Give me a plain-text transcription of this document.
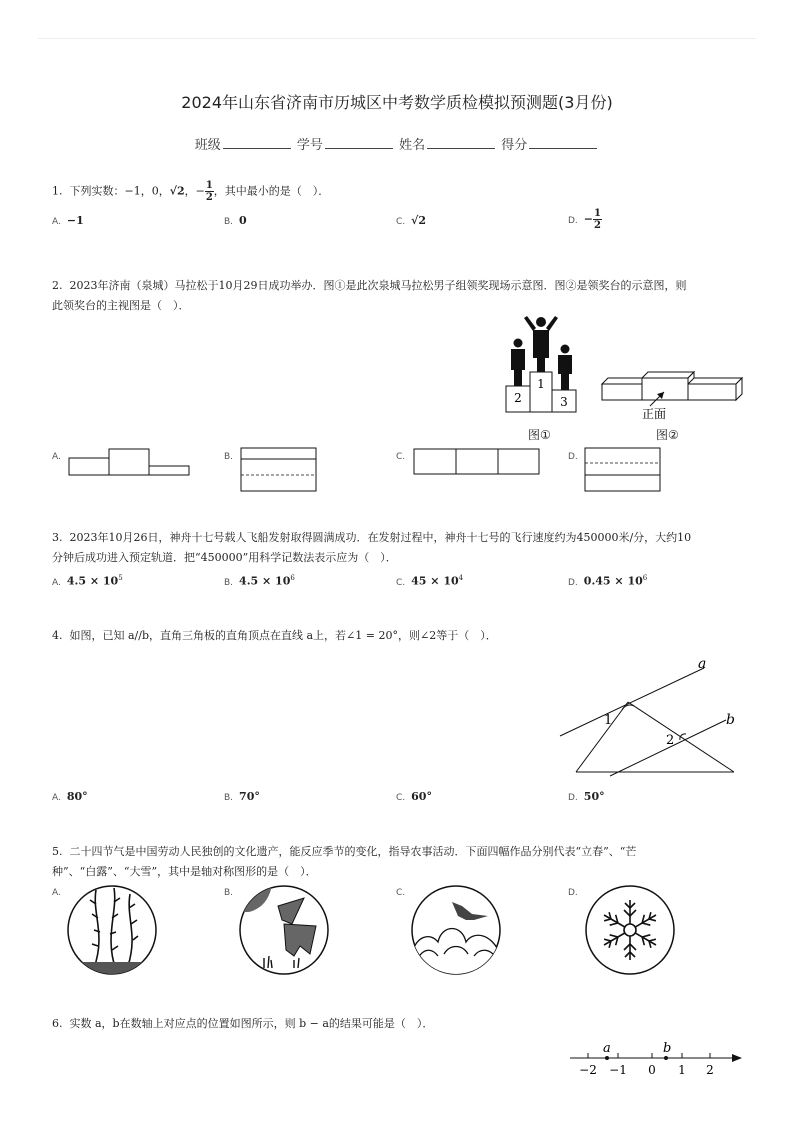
2024年山东省济南市历城区中考数学质检模拟预测题(3月份)
班级	学号	姓名	得分
1. 下列实数：−1，0，√2，− $\frac{1}{2}$ ，其中最小的是（　）．
A. −1	B. 0	C. √2	D. − $\frac{1}{2}$
2. 2023年济南（泉城）马拉松于10月29日成功举办．图①是此次泉城马拉松男子组领奖现场示意图．图②是领奖台的示意图，则
此领奖台的主视图是（　）．
1
2	3
正面
图①	图②
A.	B.	C.	D.
3. 2023年10月26日，神舟十七号载人飞船发射取得圆满成功．在发射过程中，神舟十七号的飞行速度约为450000米/分，大约10
分钟后成功进入预定轨道．把“450000”用科学记数法表示应为（　）．
A. $4.5 \times 10^5$	B. $4.5 \times 10^6$	C. $45 \times 10^4$	D. $0.45 \times 10^6$
4. 如图，已知 a//b，直角三角板的直角顶点在直线 a上，若∠1 = 20°，则∠2等于（　）．
a
b
1
2
A. 80°	B. 70°	C. 60°	D. 50°
5. 二十四节气是中国劳动人民独创的文化遗产，能反应季节的变化，指导农事活动．下面四幅作品分别代表“立春”、“芒
种”、“白露”、“大雪”，其中是轴对称图形的是（　）．
A.	B.	C.	D.
6. 实数 a，b在数轴上对应点的位置如图所示，则 b − a的结果可能是（　）．
a	b
−2 −1 0 1 2
